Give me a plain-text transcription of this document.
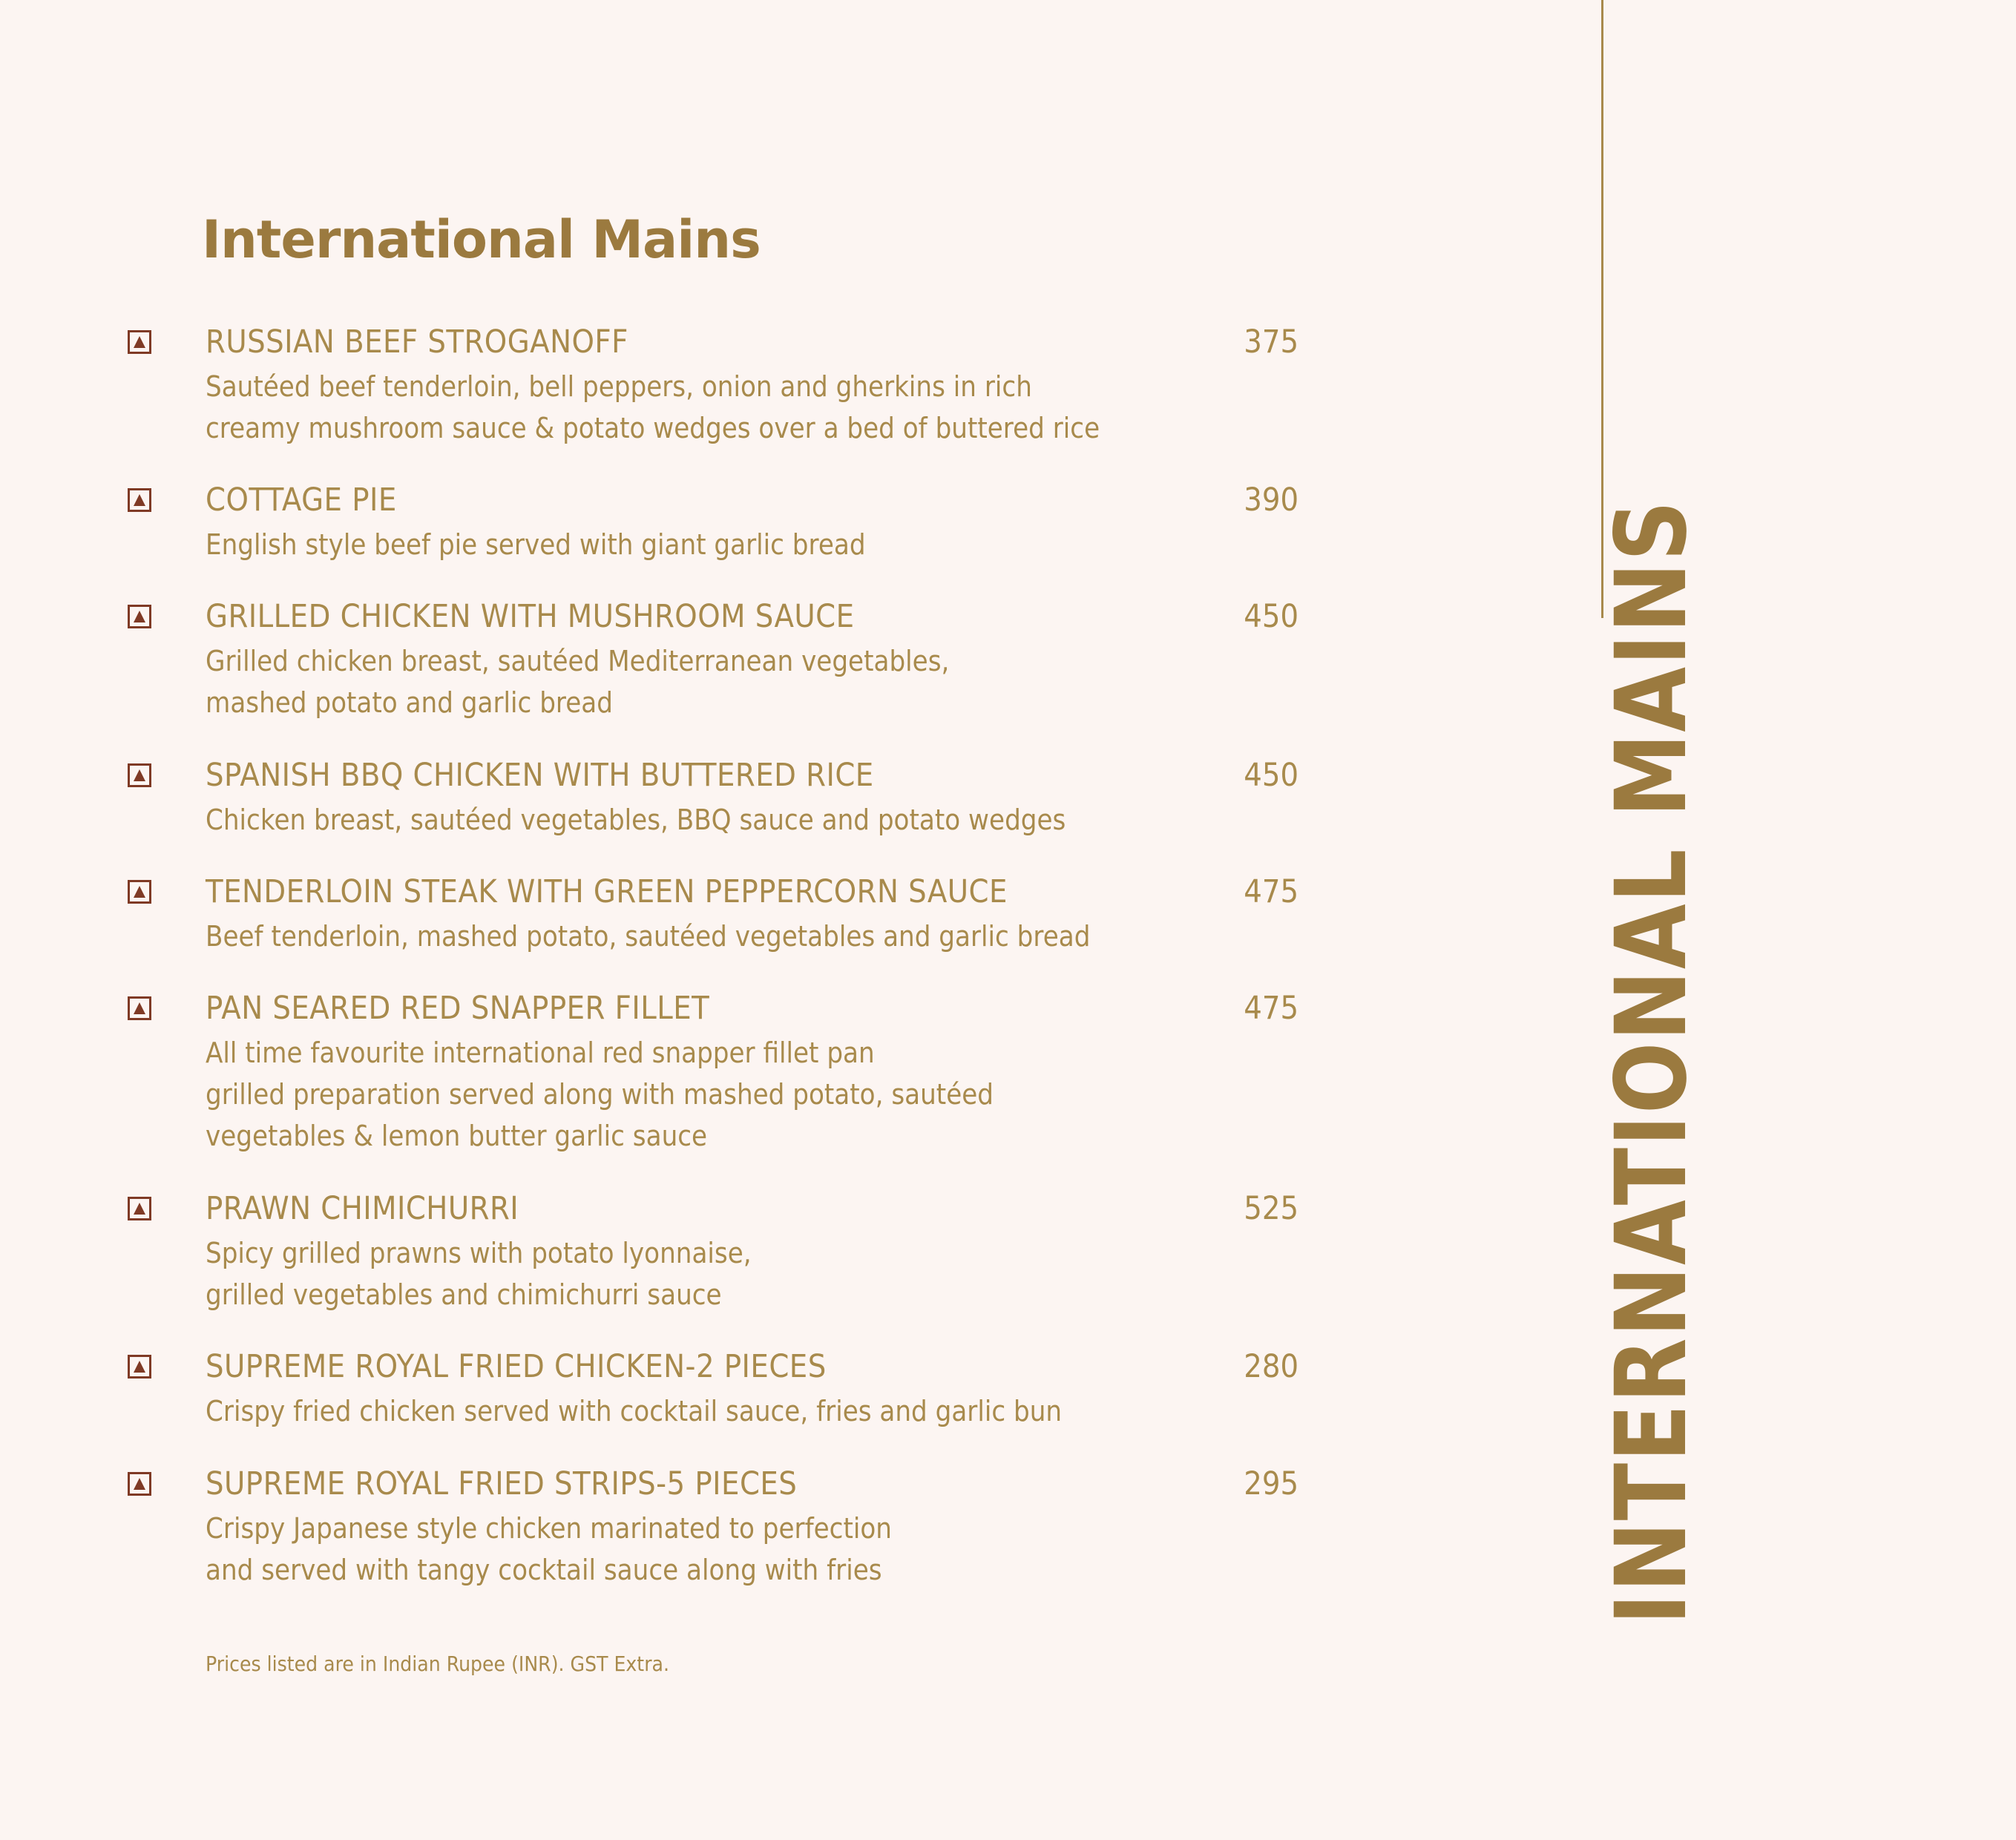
International Mains
RUSSIAN BEEF STROGANOFF	375
Sautéed beef tenderloin, bell peppers, onion and gherkins in rich
creamy mushroom sauce & potato wedges over a bed of buttered rice
COTTAGE PIE	390
English style beef pie served with giant garlic bread
GRILLED CHICKEN WITH MUSHROOM SAUCE	450
Grilled chicken breast, sautéed Mediterranean vegetables,
mashed potato and garlic bread
SPANISH BBQ CHICKEN WITH BUTTERED RICE	450
Chicken breast, sautéed vegetables, BBQ sauce and potato wedges
TENDERLOIN STEAK WITH GREEN PEPPERCORN SAUCE	475
Beef tenderloin, mashed potato, sautéed vegetables and garlic bread
PAN SEARED RED SNAPPER FILLET	475
All time favourite international red snapper fillet pan
grilled preparation served along with mashed potato, sautéed
vegetables & lemon butter garlic sauce
PRAWN CHIMICHURRI	525
Spicy grilled prawns with potato lyonnaise,
grilled vegetables and chimichurri sauce
SUPREME ROYAL FRIED CHICKEN-2 PIECES	280
Crispy fried chicken served with cocktail sauce, fries and garlic bun
SUPREME ROYAL FRIED STRIPS-5 PIECES	295
Crispy Japanese style chicken marinated to perfection
and served with tangy cocktail sauce along with fries
Prices listed are in Indian Rupee (INR). GST Extra.
INTERNATIONAL MAINS
